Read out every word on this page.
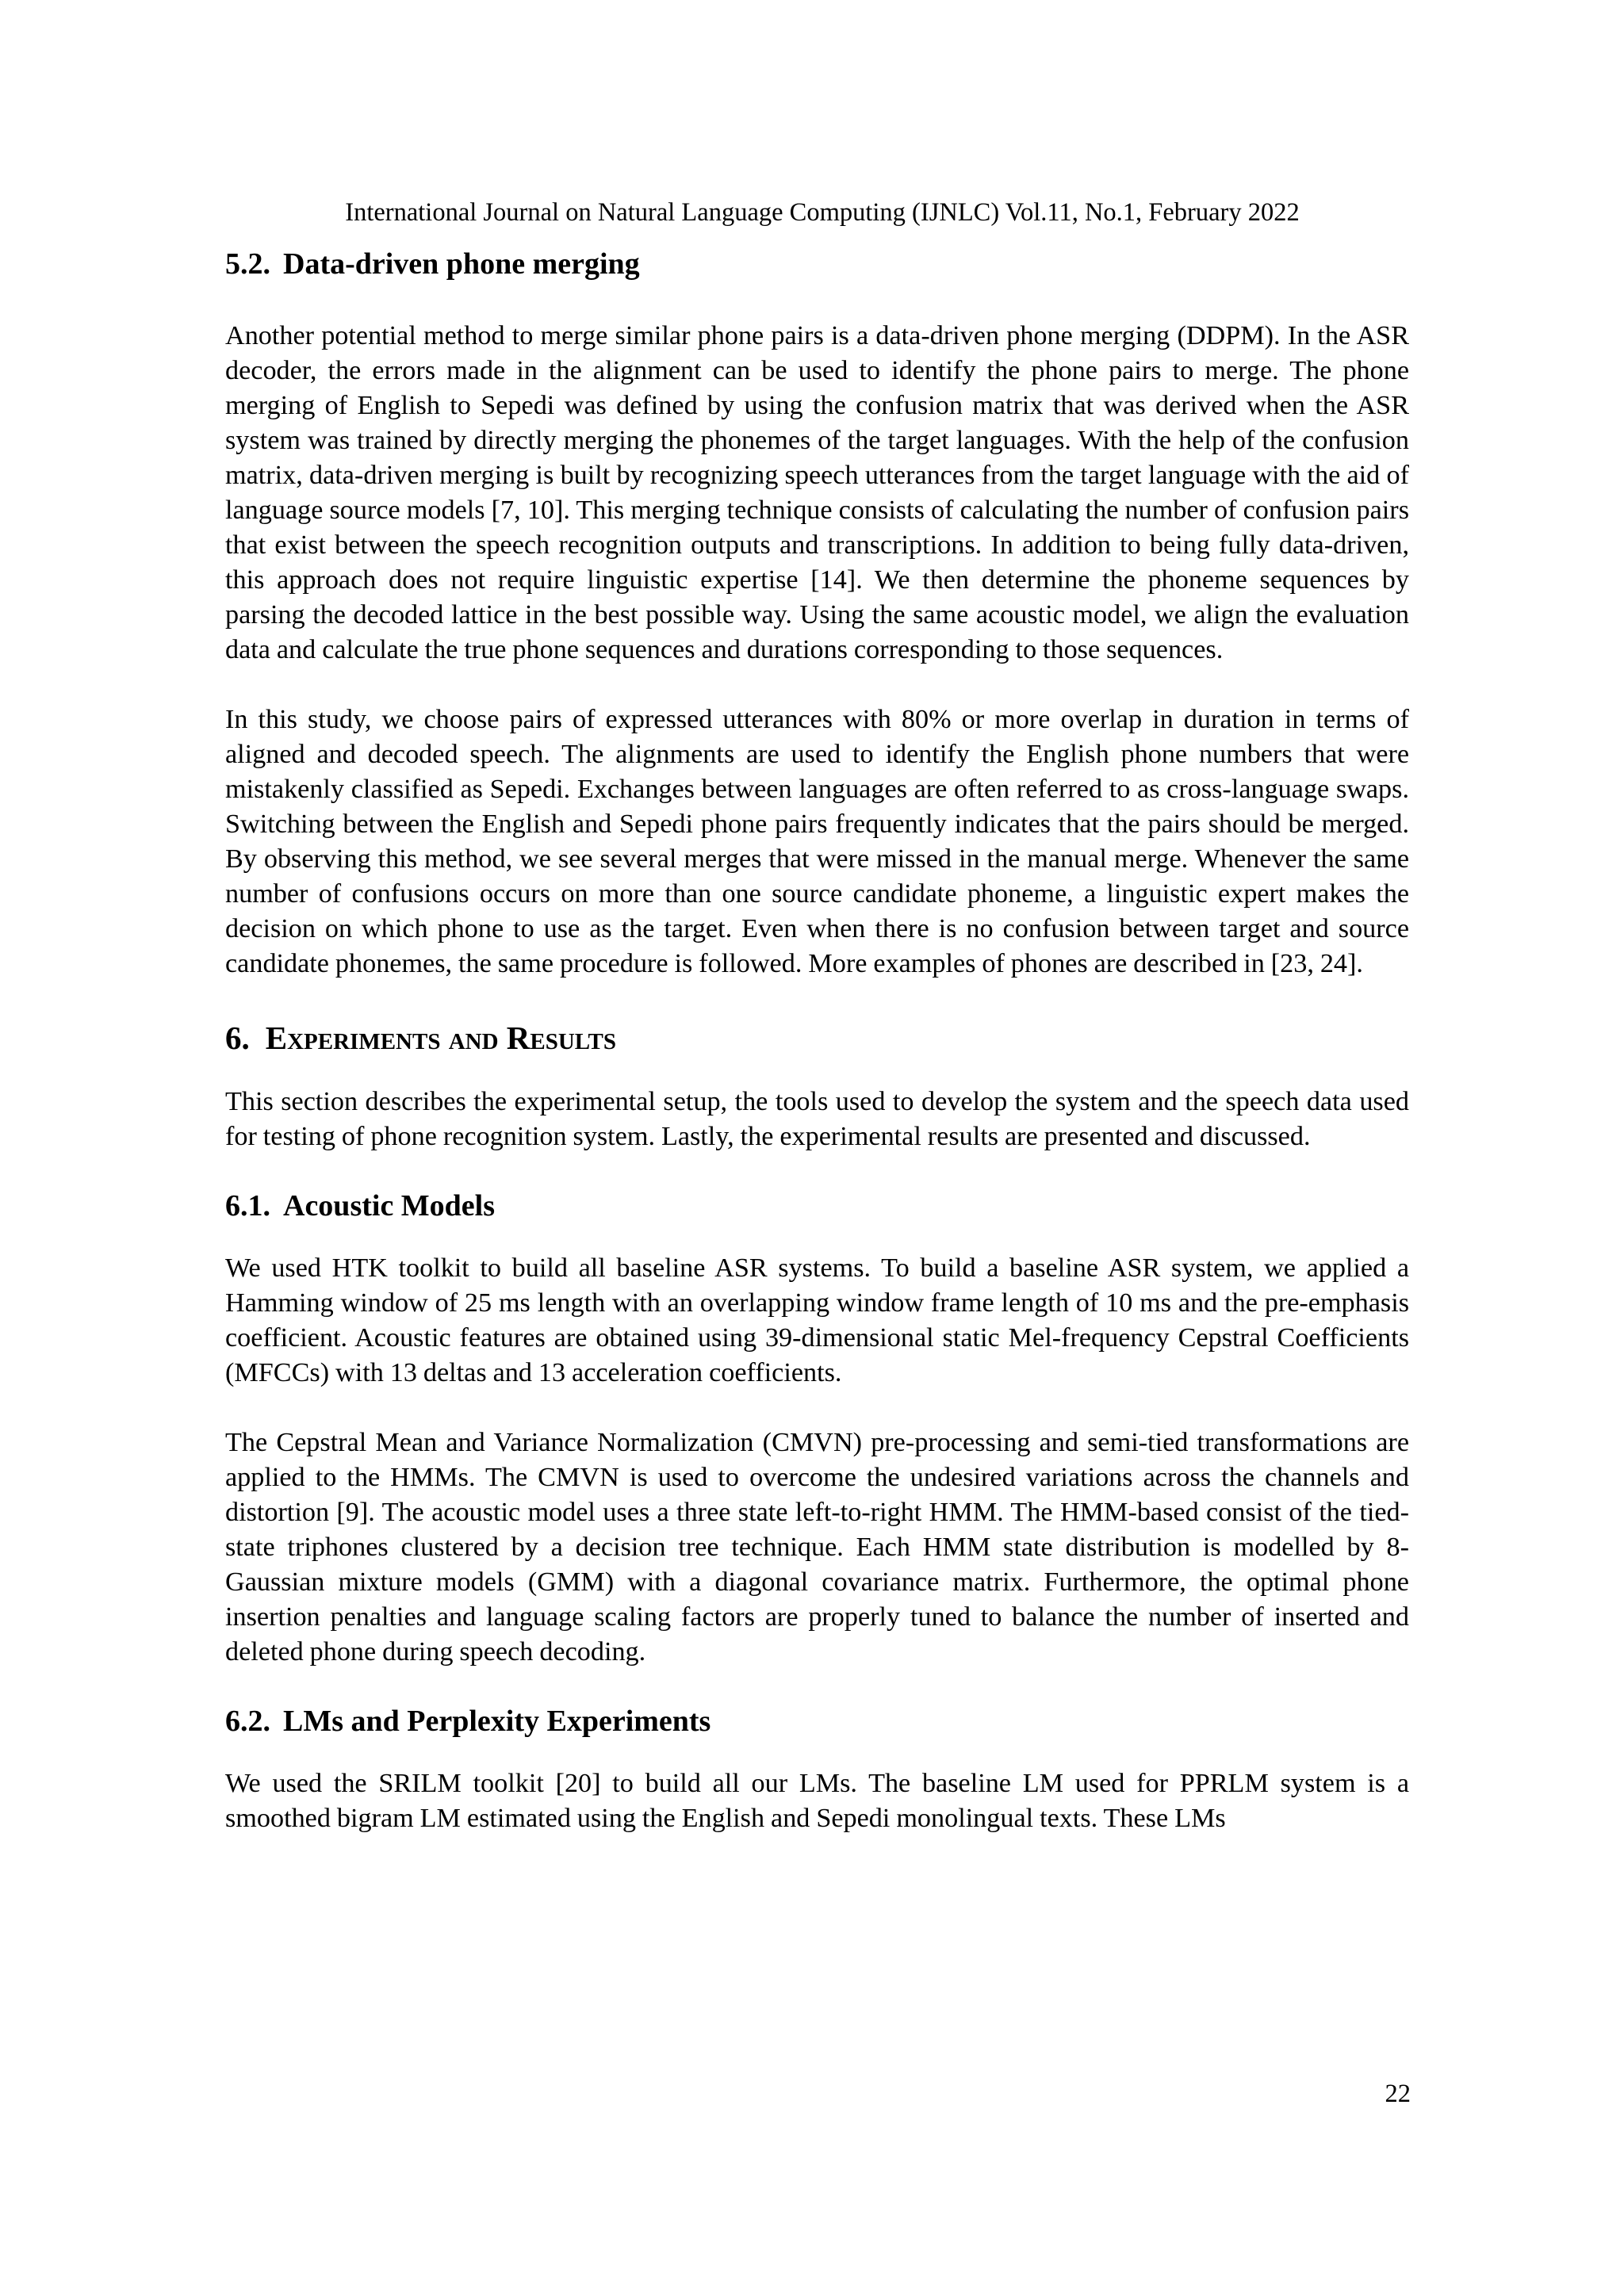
International Journal on Natural Language Computing (IJNLC) Vol.11, No.1, February 2022

5.2. Data-driven phone merging

Another potential method to merge similar phone pairs is a data-driven phone merging (DDPM). In the ASR decoder, the errors made in the alignment can be used to identify the phone pairs to merge. The phone merging of English to Sepedi was defined by using the confusion matrix that was derived when the ASR system was trained by directly merging the phonemes of the target languages. With the help of the confusion matrix, data-driven merging is built by recognizing speech utterances from the target language with the aid of language source models [7, 10]. This merging technique consists of calculating the number of confusion pairs that exist between the speech recognition outputs and transcriptions. In addition to being fully data-driven, this approach does not require linguistic expertise [14]. We then determine the phoneme sequences by parsing the decoded lattice in the best possible way. Using the same acoustic model, we align the evaluation data and calculate the true phone sequences and durations corresponding to those sequences.

In this study, we choose pairs of expressed utterances with 80% or more overlap in duration in terms of aligned and decoded speech. The alignments are used to identify the English phone numbers that were mistakenly classified as Sepedi. Exchanges between languages are often referred to as cross-language swaps. Switching between the English and Sepedi phone pairs frequently indicates that the pairs should be merged. By observing this method, we see several merges that were missed in the manual merge. Whenever the same number of confusions occurs on more than one source candidate phoneme, a linguistic expert makes the decision on which phone to use as the target. Even when there is no confusion between target and source candidate phonemes, the same procedure is followed. More examples of phones are described in [23, 24].

6. Experiments and Results

This section describes the experimental setup, the tools used to develop the system and the speech data used for testing of phone recognition system. Lastly, the experimental results are presented and discussed.

6.1. Acoustic Models

We used HTK toolkit to build all baseline ASR systems. To build a baseline ASR system, we applied a Hamming window of 25 ms length with an overlapping window frame length of 10 ms and the pre-emphasis coefficient. Acoustic features are obtained using 39-dimensional static Mel-frequency Cepstral Coefficients (MFCCs) with 13 deltas and 13 acceleration coefficients.

The Cepstral Mean and Variance Normalization (CMVN) pre-processing and semi-tied transformations are applied to the HMMs. The CMVN is used to overcome the undesired variations across the channels and distortion [9]. The acoustic model uses a three state left-to-right HMM. The HMM-based consist of the tied-state triphones clustered by a decision tree technique. Each HMM state distribution is modelled by 8-Gaussian mixture models (GMM) with a diagonal covariance matrix. Furthermore, the optimal phone insertion penalties and language scaling factors are properly tuned to balance the number of inserted and deleted phone during speech decoding.

6.2. LMs and Perplexity Experiments

We used the SRILM toolkit [20] to build all our LMs. The baseline LM used for PPRLM system is a smoothed bigram LM estimated using the English and Sepedi monolingual texts. These LMs

22
